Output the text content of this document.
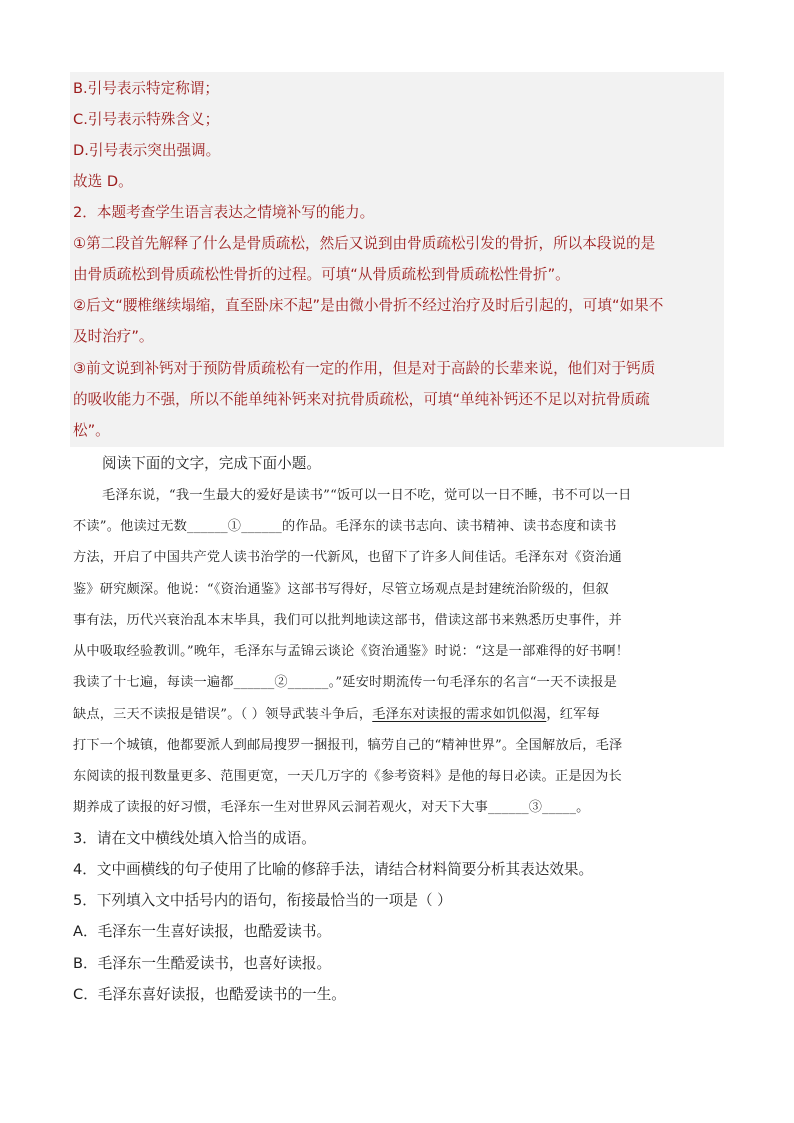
B.引号表示特定称谓；
C.引号表示特殊含义；
D.引号表示突出强调。
故选 D。
2．本题考查学生语言表达之情境补写的能力。
①第二段首先解释了什么是骨质疏松，然后又说到由骨质疏松引发的骨折，所以本段说的是
由骨质疏松到骨质疏松性骨折的过程。可填“从骨质疏松到骨质疏松性骨折”。
②后文“腰椎继续塌缩，直至卧床不起”是由微小骨折不经过治疗及时后引起的，可填“如果不
及时治疗”。
③前文说到补钙对于预防骨质疏松有一定的作用，但是对于高龄的长辈来说，他们对于钙质
的吸收能力不强，所以不能单纯补钙来对抗骨质疏松，可填“单纯补钙还不足以对抗骨质疏
松”。
阅读下面的文字，完成下面小题。
毛泽东说，“我一生最大的爱好是读书”“饭可以一日不吃，觉可以一日不睡，书不可以一日
不读”。他读过无数______①______的作品。毛泽东的读书志向、读书精神、读书态度和读书
方法，开启了中国共产党人读书治学的一代新风，也留下了许多人间佳话。毛泽东对《资治通
鉴》研究颇深。他说：“《资治通鉴》这部书写得好，尽管立场观点是封建统治阶级的，但叙
事有法，历代兴衰治乱本末毕具，我们可以批判地读这部书，借读这部书来熟悉历史事件，并
从中吸取经验教训。”晚年，毛泽东与孟锦云谈论《资治通鉴》时说：“这是一部难得的好书啊！
我读了十七遍，每读一遍都______②______。”延安时期流传一句毛泽东的名言“一天不读报是
缺点，三天不读报是错误”。（ ）领导武装斗争后，毛泽东对读报的需求如饥似渴，红军每
打下一个城镇，他都要派人到邮局搜罗一捆报刊，犒劳自己的“精神世界”。全国解放后，毛泽
东阅读的报刊数量更多、范围更宽，一天几万字的《参考资料》是他的每日必读。正是因为长
期养成了读报的好习惯，毛泽东一生对世界风云洞若观火，对天下大事______③_____。
3．请在文中横线处填入恰当的成语。
4．文中画横线的句子使用了比喻的修辞手法，请结合材料简要分析其表达效果。
5．下列填入文中括号内的语句，衔接最恰当的一项是（ ）
A．毛泽东一生喜好读报，也酷爱读书。
B．毛泽东一生酷爱读书，也喜好读报。
C．毛泽东喜好读报，也酷爱读书的一生。
